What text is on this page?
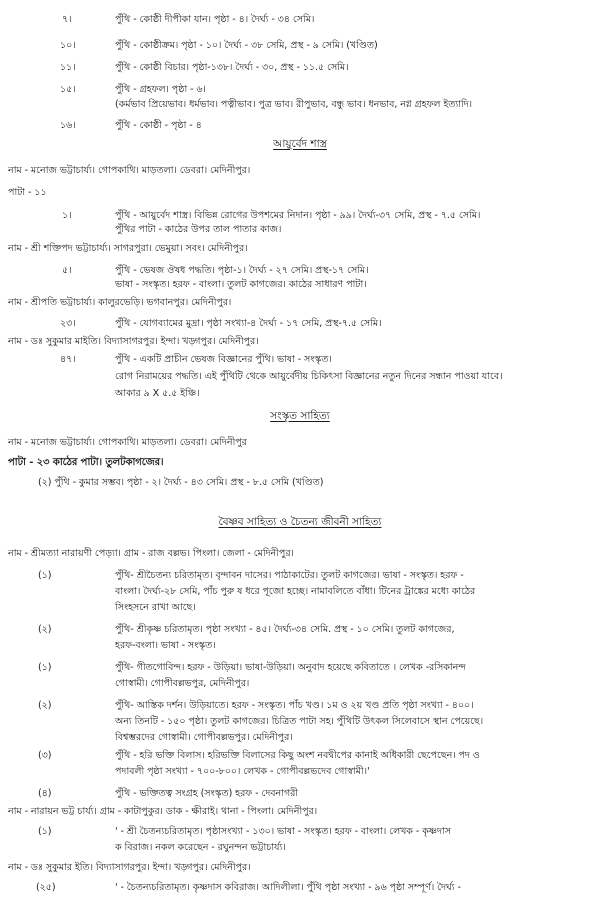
৭।	পুঁথি - কোষ্ঠী দীপীকা যান। পৃষ্ঠা - ৪। দৈর্ঘ্য - ৩৪ সেমি।
১০।	পুঁথি - কোষ্ঠীক্রম। পৃষ্ঠা - ১০। দৈর্ঘ্য - ৩৮ সেমি, প্রস্থ - ৯ সেমি। (খণ্ডিত)
১১।	পুঁথি - কোষ্ঠী বিচার। পৃষ্ঠা-১৩৮। দৈর্ঘ্য - ৩০, প্রস্থ - ১১.৫ সেমি।
১৫।	পুঁথি - গ্রহফল। পৃষ্ঠা - ৬।
(কর্মভাব প্রিয়েভাব। ধর্মভাব। পত্নীভাব। পুত্র ভাব। রীপুভাব, বন্ধু ভাব। ধনভাব, নগ্ন গ্রহফল ইত্যাদি।
১৬।	পুঁথি - কোষ্ঠী - পৃষ্ঠা - ৪
নাম - মনোজ ভট্টাচার্য্য। গোপকাথি। মাড়তলা। ডেবরা। মেদিনীপুর।
পাটা - ১১
১।	পুঁথি - আয়ুর্বেদ শাস্ত্র। বিভিন্ন রোগের উপশমের নিদান। পৃষ্ঠা - ৯৯। দৈর্ঘ্য-৩৭ সেমি, প্রস্থ - ৭.৫ সেমি।
পুঁথির পাটা - কাঠের উপর তাল পাতার কাজ।
নাম - শ্রী শক্তিপদ ভট্টাচার্য্য। সাগরপুরা। ভেমুয়া। সবং। মেদিনীপুর।
৫।	পুঁথি - ভেষজ ঔষধ পদ্ধতি। পৃষ্ঠা-১। দৈর্ঘ্য - ২৭ সেমি। প্রস্থ-১৭ সেমি।
ভাষা - সংস্কৃত। হরফ - বাংলা। তুলট কাগজের। কাঠের সাধারণ পাটা।
নাম - শ্রীপতি ভট্টাচার্য্য। কালুরভেড়ি। ভগবানপুর। মেদিনীপুর।
২৩।	পুঁথি - যোগব্যামের মুদ্রা। পৃষ্ঠা সংখ্যা-৪ দৈর্ঘ্য - ১৭ সেমি, প্রস্থ-৭.৫ সেমি।
নাম - ডঃ সুকুমার মাইতি। বিদ্যাসাগরপুর। ইন্দা। খড়্গপুর। মেদিনীপুর।
৪৭।	পুঁথি - একটি প্রাচীন ভেষজ বিজ্ঞানের পুঁথি। ভাষা - সংস্কৃত।
রোগ নিরাময়ের পদ্ধতি। এই পুঁথিটি থেকে আয়ুর্বেদীয় চিকিৎসা বিজ্ঞানের নতুন দিনের সন্ধান পাওয়া যাবে।
আকার ৯ X ৫.৫ ইঞ্চি।
নাম - মনোজ ভট্টাচার্য্য। গোপকাথি। মাড়তলা। ডেবরা। মেদিনীপুর
পাটা - ২৩ কাঠের পাটা। তুলটকাগজের।
(২) পুঁথি - কুমার সম্ভব। পৃষ্ঠা - ২। দৈর্ঘ্য - ৪৩ সেমি। প্রস্থ - ৮.৫ সেমি (খণ্ডিত)
নাম - শ্রীমত্যা নারায়ণী পেড়্যা। গ্রাম - রাজ বল্লভ। পিংলা। জেলা - মেদিনীপুর।
(১)	পুঁথি- শ্রীচৈতন্য চরিতামৃত। বৃন্দাবন দাসের। পাঠাকাটের। তুলট কাগজের। ভাষা - সংস্কৃত। হরফ -
বাংলা। দৈর্ঘ্য-২৮ সেমি, পাঁচ পুরু ষ ধরে পূজো হচ্ছে। নামাবলিতে বাঁধা। টিনের ট্রাঙ্কের মধ্যে কাঠের
সিংহসনে রাখা আছে।
(২)	পুঁথি- শ্রীকৃষ্ণ চরিতামৃত। পৃষ্ঠা সংখ্যা - ৪৫। দৈর্ঘ্য-৩৪ সেমি. প্রস্থ - ১০ সেমি। তুলট কাগজের,
হরফ-বংলা। ভাষা - সংস্কৃত।
(১)	পুঁথি- গীতগোবিন্দ। হরফ - উড়িয়া। ভাষা-উড়িয়া। অনুবাদ হয়েছে কবিতাতে । লেখক -রসিকানন্দ
গোস্বামী। গোপীবল্লভপুর, মেদিনীপুর।
(২)	পুঁথি- আস্তিক দর্শন। উড়িয়াতে। হরফ - সংস্কৃত। পাঁচ খণ্ড। ১ম ও ২য় খণ্ড প্রতি পৃষ্ঠা সংখ্যা - ৪০০।
অন্য তিনটি - ১৫০ পৃষ্ঠা। তুলট কাগজের। চিত্রিত পাটা সহ। পুঁথিটি উৎকল সিলেবাসে স্থান পেয়েছে।
বিশ্বম্ভরদের গোস্বামী। গোপীবল্লভপুর। মেদিনীপুর।
(৩)	পুঁথি - হরি ভক্তি বিলাস। হরিভক্তি বিলাসের কিছু অংশ নবদ্বীপের কানাই অধিকারী ছেপেছেন। পদ ও
পদাবলী পৃষ্ঠা সংখ্যা - ৭০০-৮০০। লেখক - গোপীবল্লভদেব গোস্বামী।'
(৪)	পুঁথি - ভক্তিতত্ব সংগ্রহ (সংস্কৃত) হরফ - দেবনাগরী
নাম - নারায়ন ভট্ট চার্য্য। গ্রাম - কাটাপুকুর। ডাক - ক্ষীরাই। থানা - পিংলা। মেদিনীপুর।
(১)	' - শ্রী চৈতন্যচরিতামৃত। পৃষ্ঠাসংখ্যা - ১৩০। ভাষা - সংস্কৃত। হরফ - বাংলা। লেখক - কৃষ্ণদাস
ক বিরাজ। নকল করেছেন - রঘুনন্দন ভট্টাচার্য্য।
নাম - ডঃ সুকুমার ইতি। বিদ্যাসাগরপুর। ইন্দা। খড়্গপুর। মেদিনীপুর।
(২৫)	' - চৈতন্যচরিতামৃত। কৃষ্ণদাস কবিরাজ। আদিলীলা। পুঁথি পৃষ্ঠা সংখ্যা - ৯৬ পৃষ্ঠা সম্পূর্ণ। দৈর্ঘ্য -
আয়ুর্বেদ শাস্ত্র
সংস্কৃত সাহিত্য
বৈষ্ণব সাহিত্য ও চৈতন্য জীবনী সাহিত্য
